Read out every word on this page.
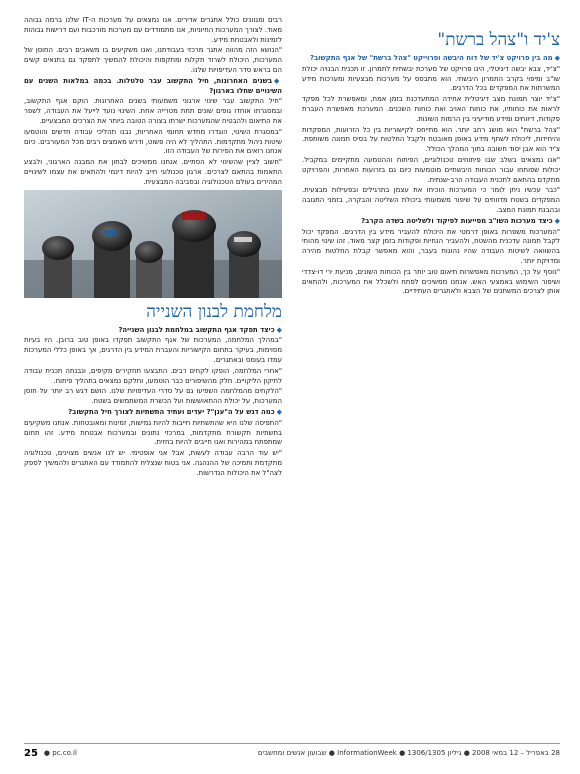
צ'יד ו"צהל ברשת"

◆מה בין פרויקט צ'יד של דוח היבשה ופרוייקט "צהל ברשת" של אגף התקשוב?

"צ'יד, צבא יבשה דיגיטלי, הינו פרויקט של מערכת יבשתית לתמרון. זו תכנית הבנויה יכולת שו"ב ומיפוי בקרב התמרון היבשתי. הוא מתבסס על מערכות מבצעיות ומערכות מידע המשרתות את המפקדים בכל הדרגים.

"צ'יד יוצר תמונת מצב דיגיטלית אחידה המתעדכנת בזמן אמת, ומאפשרת לכל מפקד לראות את כוחותיו, את כוחות האויב ואת כוחות השכנים. המערכת מאפשרת העברת פקודות, דיווחים ומידע מודיעיני בין הרמות השונות.

"צהל ברשת" הוא מושג רחב יותר. הוא מתייחס לקישוריות בין כל הזרועות, המפקדות והיחידות, ליכולת לשתף מידע באופן מאובטח ולקבל החלטות על בסיס תמונה משותפת. צ'יד הוא אבן יסוד חשובה בתוך המהלך הכולל.

"אנו נמצאים בשלב שבו פיתוחים טכנולוגיים, הפיתוח וההטמעה מתקיימים במקביל. יכולות שפותחו עבור הכוחות היבשתיים מוטמעות כיום גם בזרועות האחרות, והפרויקט מתקדם בהתאם לתכנית העבודה הרב-שנתית.

"כבר עכשיו ניתן לומר כי המערכות הוכיחו את עצמן בתרגילים ובפעילות מבצעית. המפקדים בשטח מדווחים על שיפור משמעותי ביכולת השליטה והבקרה, בזמני התגובה ובהבנת תמונת המצב.

◆כיצד מערכות השו"ב מסייעות לפיקוד ולשליטה בשדה הקרב?

"המערכות משפרות באופן דרמטי את היכולת להעביר מידע בין הדרגים. המפקד יכול לקבל תמונה עדכנית מהשטח, ולהעביר הנחיות ופקודות בזמן קצר מאוד. זהו שינוי מהותי בהשוואה לשיטות העבודה שהיו נהוגות בעבר, והוא מאפשר קבלת החלטות מהירה ומדויקת יותר.

"נוסף על כך, המערכות מאפשרות תיאום טוב יותר בין הכוחות השונים, מניעת ירי דו-צדדי ושיפור השימוש באמצעי האש. אנחנו ממשיכים לפתח ולשכלל את המערכות, ולהתאים אותן לצרכים המשתנים של הצבא ולאתגרים העתידיים.

רבים ומגוונים כולל אתגרים אדירים. אנו נמצאים על מערכות ה-IT שלנו ברמה גבוהה מאוד. לצורך המערכות החיוניות, אנו מתמודדים עם מערכות מורכבות ועם דרישות גבוהות לזמינות ולאבטחת מידע.

"הנושא הזה מהווה אתגר מרכזי בעבודתנו, ואנו משקיעים בו משאבים רבים. החוסן של המערכות, היכולת לשרוד תקלות ומתקפות והיכולת להמשיך לתפקד גם בתנאים קשים הם בראש סדר העדיפויות שלנו.

◆בשנים האחרונות, חיל התקשוב עבר טלטלות. בכמה במלאות השנים עם השינויים שחלו בארגון?

"חיל התקשוב עבר שינוי ארגוני משמעותי בשנים האחרונות. הוקם אגף התקשוב, ובמסגרתו אוחדו גופים שונים תחת מטרייה אחת. השינוי נועד לייעל את העבודה, לשפר את התיאום ולהבטיח שהמערכות ישרתו בצורה הטובה ביותר את הצרכים המבצעיים.

"במסגרת השינוי, הוגדרו מחדש תחומי האחריות, נבנו תהליכי עבודה חדשים והוטמעו שיטות ניהול מתקדמות. התהליך לא היה פשוט, ודרש מאמצים רבים מכל המעורבים. כיום אנחנו רואים את הפירות של העבודה הזו.

"חשוב לציין שהשינוי לא הסתיים. אנחנו ממשיכים לבחון את המבנה הארגוני, ולבצע התאמות בהתאם לצרכים. ארגון טכנולוגי חייב להיות דינמי ולהתאים את עצמו לשינויים המהירים בעולם הטכנולוגיה ובסביבה המבצעית.

מלחמת לבנון השנייה

◆כיצד תפקד אגף התקשוב במלחמת לבנון השנייה?

"במהלך המלחמה, המערכות של אגף התקשוב תפקדו באופן טוב ברובן. היו בעיות מסוימות, בעיקר בתחום הקישוריות והעברת המידע בין הדרגים, אך באופן כללי המערכות עמדו בעומס ובאתגרים.

"אחרי המלחמה, הופקו לקחים רבים. התבצעו תחקירים מקיפים, ונבנתה תכנית עבודה לתיקון הליקויים. חלק מהשיפורים כבר הוטמעו, וחלקם נמצאים בתהליך פיתוח.

"הלקחים מהמלחמה השפיעו גם על סדרי העדיפויות שלנו. הושם דגש רב יותר על חוסן המערכות, על יכולת ההתאוששות ועל הכשרת המשתמשים בשטח.

◆כמה דגש על ה"ענן"? יעדים ועתיד התשתיות לצורך חיל התקשוב?

"התפיסה שלנו היא שהתשתיות חייבות להיות גמישות, זמינות ומאובטחות. אנחנו משקיעים בתשתיות תקשורת מתקדמות, במרכזי נתונים ובמערכות אבטחת מידע. זהו תחום שמתפתח במהירות ואנו חייבים להיות בחזית.

"יש עוד הרבה עבודה לעשות, אבל אני אופטימי. יש לנו אנשים מצוינים, טכנולוגיה מתקדמת ותמיכה של ההנהגה. אני בטוח שנצליח להתמודד עם האתגרים ולהמשיך לספק לצה"ל את היכולות הנדרשות.

25 ● pc.co.il	28 באפריל – 12 במאי 2008 ● גיליון 1306/1305 ● InformationWeek ● שבועון אנשים ומחשבים
